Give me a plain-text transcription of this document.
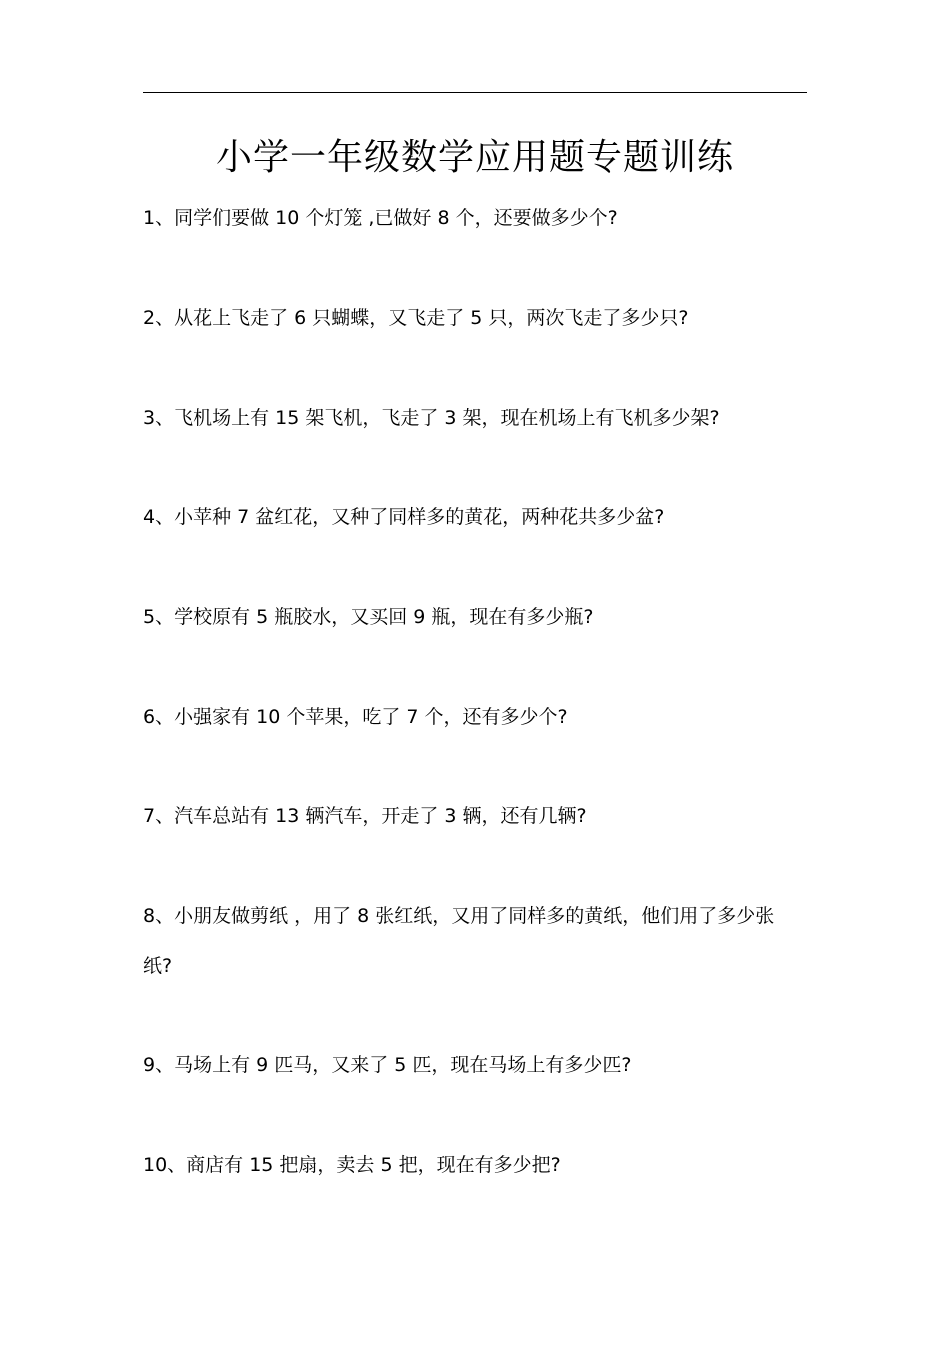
小学一年级数学应用题专题训练

1、同学们要做 10 个灯笼 ,已做好 8 个，还要做多少个?

2、从花上飞走了 6 只蝴蝶，又飞走了 5 只，两次飞走了多少只?

3、飞机场上有 15 架飞机，飞走了 3 架，现在机场上有飞机多少架?

4、小苹种 7 盆红花，又种了同样多的黄花，两种花共多少盆?

5、学校原有 5 瓶胶水，又买回 9 瓶，现在有多少瓶?

6、小强家有 10 个苹果，吃了 7 个，还有多少个?

7、汽车总站有 13 辆汽车，开走了 3 辆，还有几辆?

8、小朋友做剪纸 ，用了 8 张红纸，又用了同样多的黄纸，他们用了多少张纸?

9、马场上有 9 匹马，又来了 5 匹，现在马场上有多少匹?

10、商店有 15 把扇，卖去 5 把，现在有多少把?
